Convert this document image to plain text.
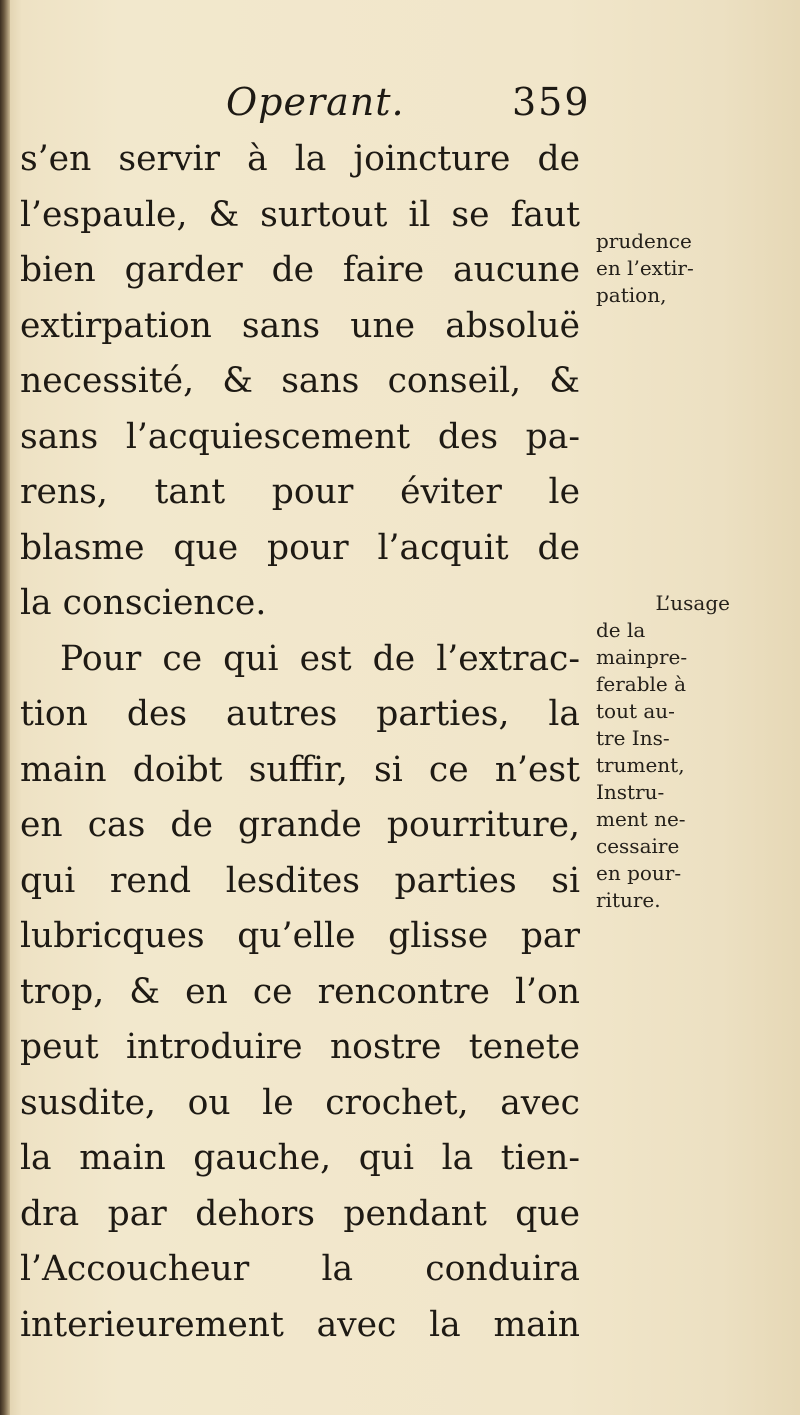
Operant.	359
s’en servir à la joincture de
l’espaule, & surtout il se faut
bien garder de faire aucune
extirpation sans une absoluë
necessité, & sans conseil, &
sans l’acquiescement des pa-
rens, tant pour éviter le
blasme que pour l’acquit de
la conscience.
Pour ce qui est de l’extrac-
tion des autres parties, la
main doibt suffir, si ce n’est
en cas de grande pourriture,
qui rend lesdites parties si
lubricques qu’elle glisse par
trop, & en ce rencontre l’on
peut introduire nostre tenete
susdite, ou le crochet, avec
la main gauche, qui la tien-
dra par dehors pendant que
l’Accoucheur la conduira
interieurement avec la main
prudence
en l’extir-
pation,
L’usage
de la
mainpre-
ferable à
tout au-
tre Ins-
trument,
Instru-
ment ne-
cessaire
en pour-
riture.
